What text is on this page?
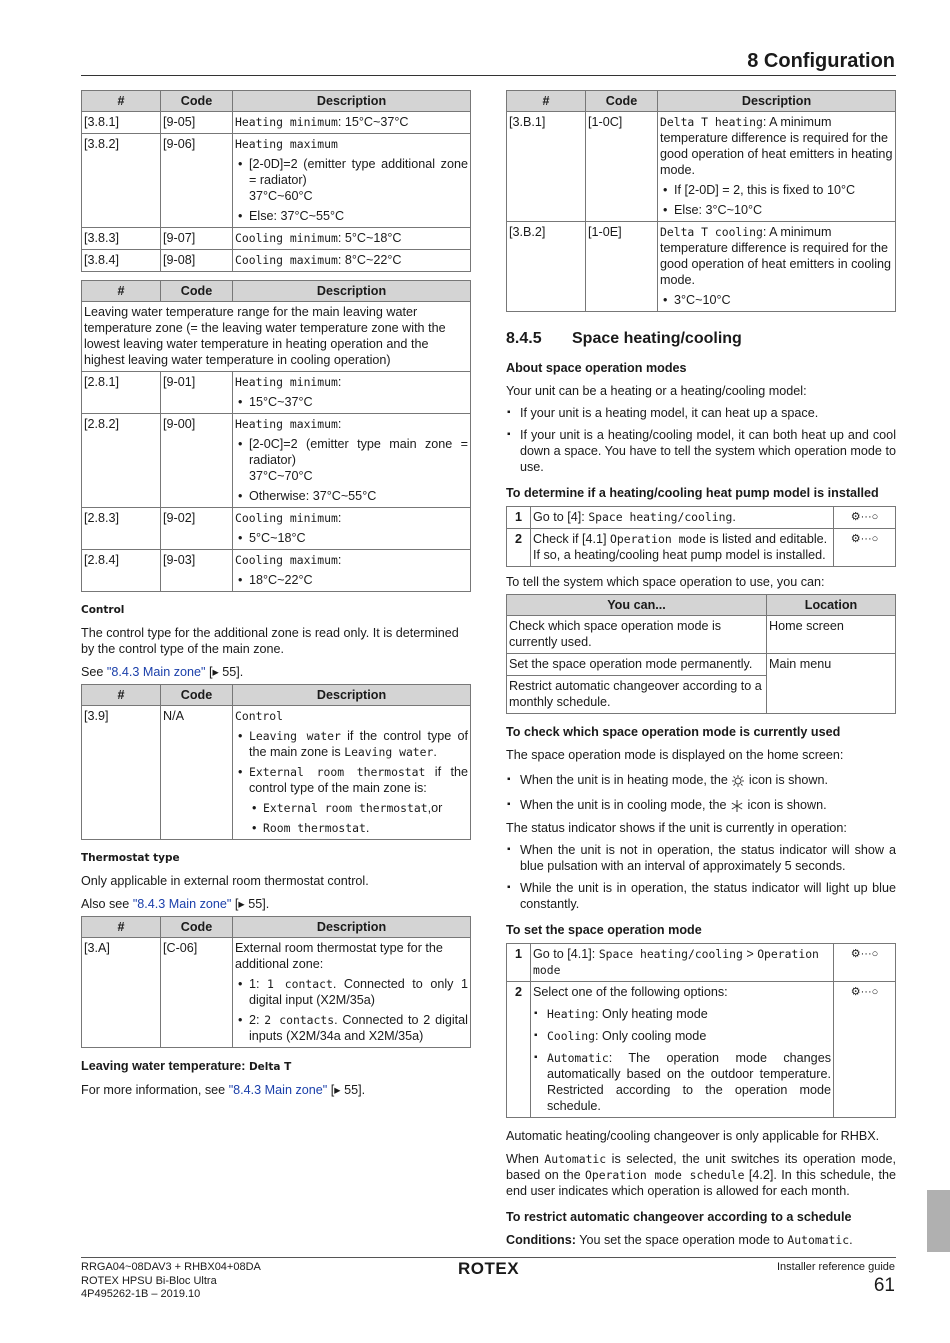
8 Configuration
#	Code	Description
[3.8.1]	[9-05]	Heating minimum: 15°C~37°C
[3.8.2]	[9-06]	Heating maximum
• [2-0D]=2 (emitter type additional zone = radiator)
37°C~60°C
• Else: 37°C~55°C

[3.8.3]	[9-07]	Cooling minimum: 5°C~18°C
[3.8.4]	[9-08]	Cooling maximum: 8°C~22°C
#	Code	Description
Leaving water temperature range for the main leaving water temperature zone (= the leaving water temperature zone with the lowest leaving water temperature in heating operation and the highest leaving water temperature in cooling operation)		
[2.8.1]	[9-01]	Heating minimum:
• 15°C~37°C

[2.8.2]	[9-00]	Heating maximum:
• [2-0C]=2 (emitter type main zone = radiator)
37°C~70°C
• Otherwise: 37°C~55°C

[2.8.3]	[9-02]	Cooling minimum:
• 5°C~18°C

[2.8.4]	[9-03]	Cooling maximum:
• 18°C~22°C
Control

The control type for the additional zone is read only. It is determined by the control type of the main zone.

See "8.4.3 Main zone" [▸ 55].

#	Code	Description
[3.9]	N/A	Control
• Leaving water if the control type of the main zone is Leaving water.
• External room thermostat if the control type of the main zone is:
• External room thermostat,or
• Room thermostat.
Thermostat type

Only applicable in external room thermostat control.

Also see "8.4.3 Main zone" [▸ 55].

#	Code	Description
[3.A]	[C-06]	External room thermostat type for the additional zone:
• 1: 1 contact. Connected to only 1 digital input (X2M/35a)
• 2: 2 contacts. Connected to 2 digital inputs (X2M/34a and X2M/35a)
Leaving water temperature: Delta T

For more information, see "8.4.3 Main zone" [▸ 55].

#	Code	Description
[3.B.1]	[1-0C]	Delta T heating: A minimum temperature difference is required for the good operation of heat emitters in heating mode.
• If [2-0D] = 2, this is fixed to 10°C
• Else: 3°C~10°C

[3.B.2]	[1-0E]	Delta T cooling: A minimum temperature difference is required for the good operation of heat emitters in cooling mode.
• 3°C~10°C
8.4.5 Space heating/cooling
About space operation modes

Your unit can be a heating or a heating/cooling model:

▪ If your unit is a heating model, it can heat up a space.
▪ If your unit is a heating/cooling model, it can both heat up and cool down a space. You have to tell the system which operation mode to use.
To determine if a heating/cooling heat pump model is installed
1	Go to [4]: Space heating/cooling.	⚙︎···○
2	Check if [4.1] Operation mode is listed and editable. If so, a heating/cooling heat pump model is installed.	⚙︎···○

To tell the system which space operation to use, you can:

You can...	Location
Check which space operation mode is currently used.	Home screen
Set the space operation mode permanently.	Main menu
Restrict automatic changeover according to a monthly schedule.	
To check which space operation mode is currently used

The space operation mode is displayed on the home screen:

▪ When the unit is in heating mode, the  icon is shown.
▪ When the unit is in cooling mode, the  icon is shown.

The status indicator shows if the unit is currently in operation:

▪ When the unit is not in operation, the status indicator will show a blue pulsation with an interval of approximately 5 seconds.
▪ While the unit is in operation, the status indicator will light up blue constantly.
To set the space operation mode
1	Go to [4.1]: Space heating/cooling > Operation mode	⚙︎···○
2	Select one of the following options:
▪ Heating: Only heating mode
▪ Cooling: Only cooling mode
▪ Automatic: The operation mode changes automatically based on the outdoor temperature. Restricted according to the operation mode schedule.	⚙︎···○

Automatic heating/cooling changeover is only applicable for RHBX.

When Automatic is selected, the unit switches its operation mode, based on the Operation mode schedule [4.2]. In this schedule, the end user indicates which operation is allowed for each month.

To restrict automatic changeover according to a schedule

Conditions: You set the space operation mode to Automatic.

RRGA04~08DAV3 + RHBX04+08DA
ROTEX HPSU Bi-Bloc Ultra
4P495262-1B – 2019.10
ROTEX	Installer reference guide
61
